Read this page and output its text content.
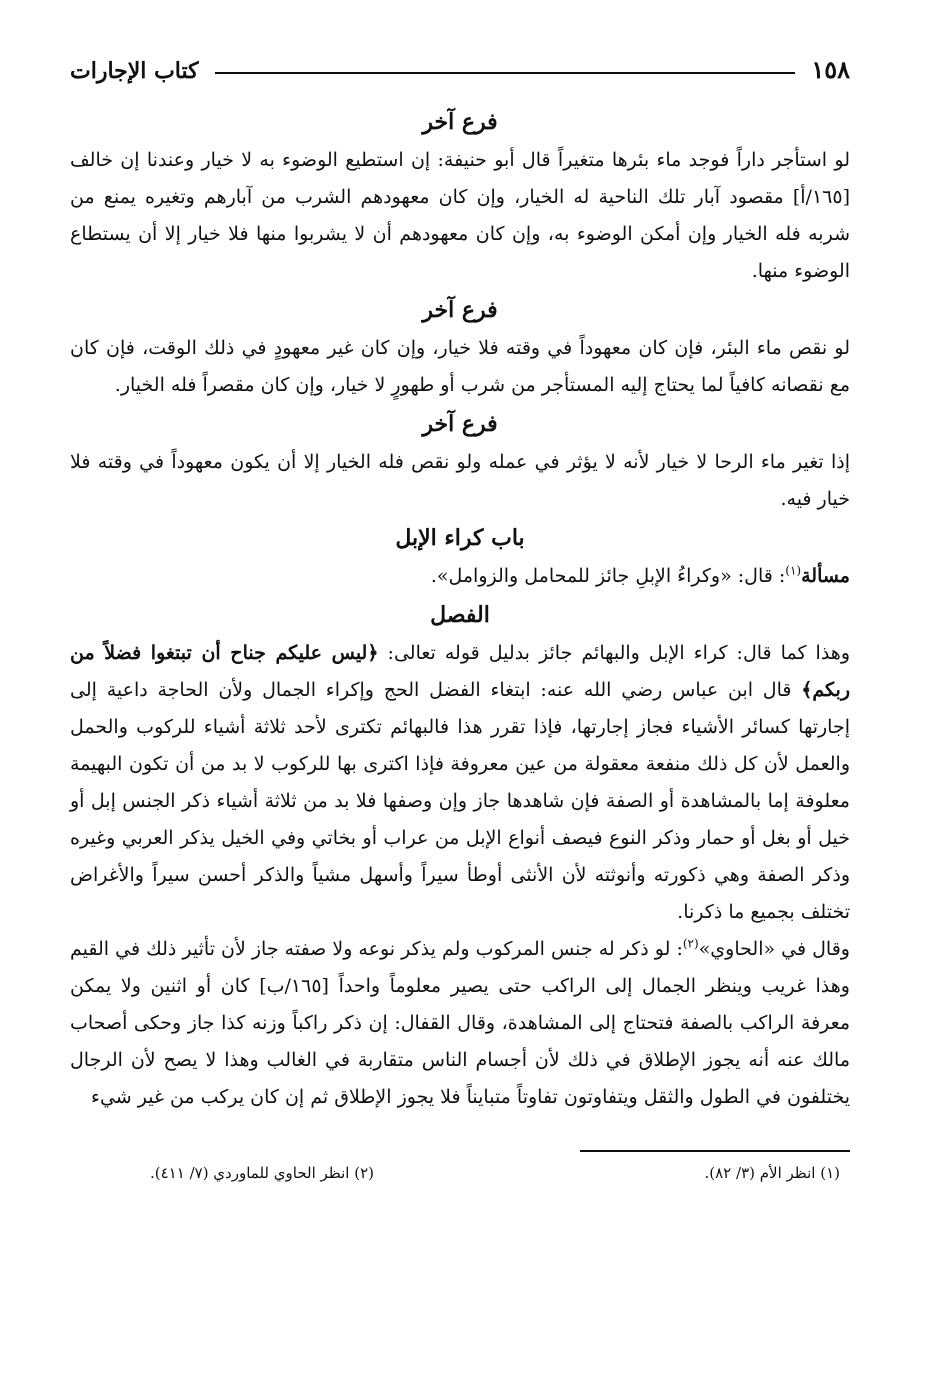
١٥٨
كتاب الإجارات
فرع آخر

لو استأجر داراً فوجد ماء بئرها متغيراً قال أبو حنيفة: إن استطيع الوضوء به لا خيار وعندنا إن خالف [١٦٥/أ] مقصود آبار تلك الناحية له الخيار، وإن كان معهودهم الشرب من آبارهم وتغيره يمنع من شربه فله الخيار وإن أمكن الوضوء به، وإن كان معهودهم أن لا يشربوا منها فلا خيار إلا أن يستطاع الوضوء منها.

فرع آخر

لو نقص ماء البئر، فإن كان معهوداً في وقته فلا خيار، وإن كان غير معهودٍ في ذلك الوقت، فإن كان مع نقصانه كافياً لما يحتاج إليه المستأجر من شرب أو طهورٍ لا خيار، وإن كان مقصراً فله الخيار.

فرع آخر

إذا تغير ماء الرحا لا خيار لأنه لا يؤثر في عمله ولو نقص فله الخيار إلا أن يكون معهوداً في وقته فلا خيار فيه.

باب كراء الإبل

مسألة$^{(١)}$: قال: «وكراءُ الإبلِ جائز للمحامل والزوامل».

الفصل

وهذا كما قال: كراء الإبل والبهائم جائز بدليل قوله تعالى: ﴿ليس عليكم جناح أن تبتغوا فضلاً من ربكم﴾ قال ابن عباس رضي الله عنه: ابتغاء الفضل الحج وإكراء الجمال ولأن الحاجة داعية إلى إجارتها كسائر الأشياء فجاز إجارتها، فإذا تقرر هذا فالبهائم تكترى لأحد ثلاثة أشياء للركوب والحمل والعمل لأن كل ذلك منفعة معقولة من عين معروفة فإذا اكترى بها للركوب لا بد من أن تكون البهيمة معلوفة إما بالمشاهدة أو الصفة فإن شاهدها جاز وإن وصفها فلا بد من ثلاثة أشياء ذكر الجنس إبل أو خيل أو بغل أو حمار وذكر النوع فيصف أنواع الإبل من عراب أو بخاتي وفي الخيل يذكر العربي وغيره وذكر الصفة وهي ذكورته وأنوثته لأن الأنثى أوطأ سيراً وأسهل مشياً والذكر أحسن سيراً والأغراض تختلف بجميع ما ذكرنا.

وقال في «الحاوي»$^{(٢)}$: لو ذكر له جنس المركوب ولم يذكر نوعه ولا صفته جاز لأن تأثير ذلك في القيم وهذا غريب وينظر الجمال إلى الراكب حتى يصير معلوماً واحداً [١٦٥/ب] كان أو اثنين ولا يمكن معرفة الراكب بالصفة فتحتاج إلى المشاهدة، وقال القفال: إن ذكر راكباً وزنه كذا جاز وحكى أصحاب مالك عنه أنه يجوز الإطلاق في ذلك لأن أجسام الناس متقاربة في الغالب وهذا لا يصح لأن الرجال يختلفون في الطول والثقل ويتفاوتون تفاوتاً متبايناً فلا يجوز الإطلاق ثم إن كان يركب من غير شيء

(١) انظر الأم (٣/ ٨٢).
(٢) انظر الحاوي للماوردي (٧/ ٤١١).
